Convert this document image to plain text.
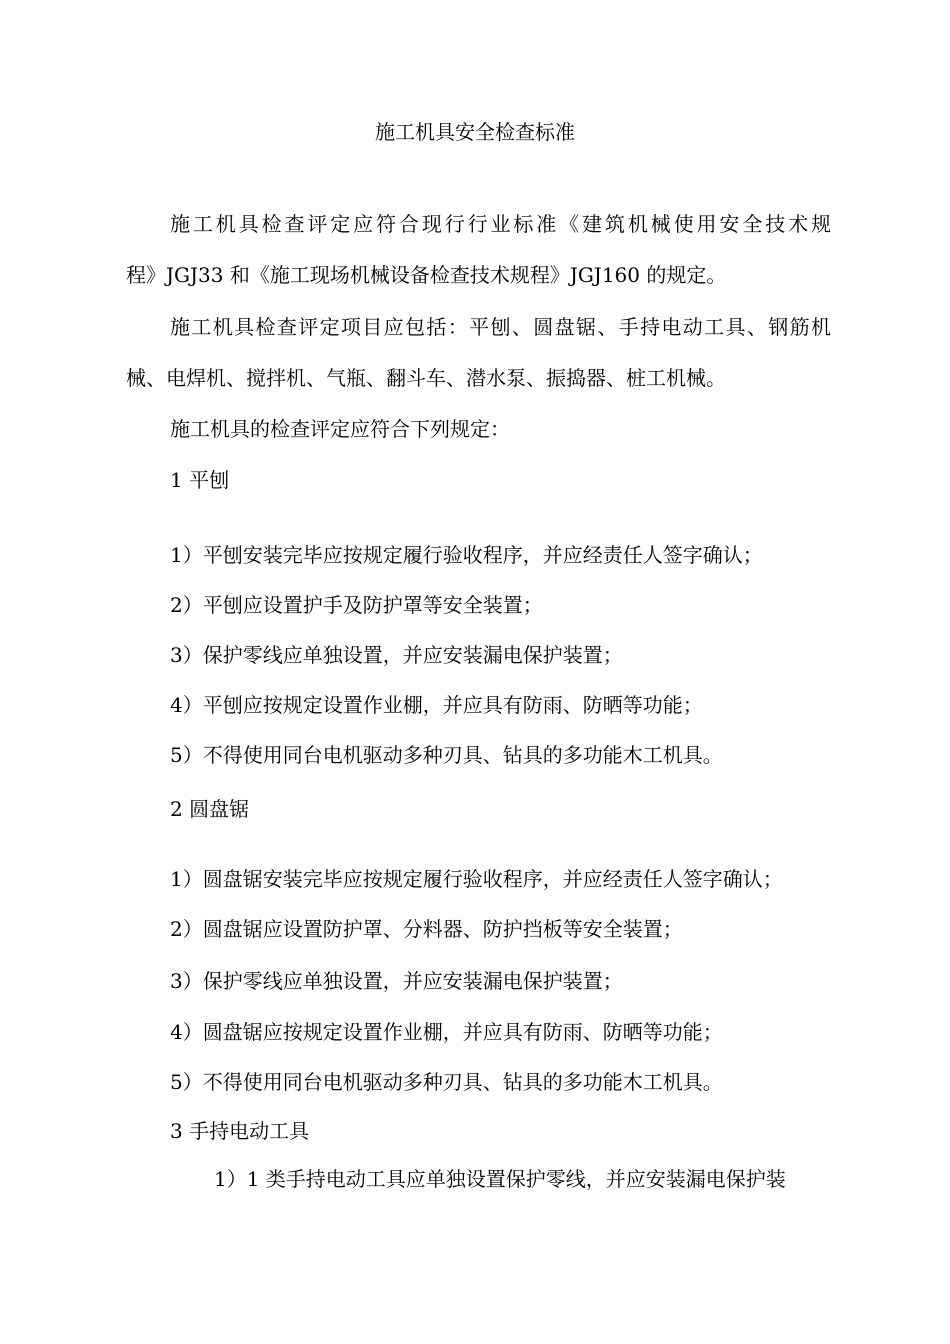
施工机具安全检查标准
施工机具检查评定应符合现行行业标准《建筑机械使用安全技术规
程》JGJ33 和《施工现场机械设备检查技术规程》JGJ160 的规定。
施工机具检查评定项目应包括：平刨、圆盘锯、手持电动工具、钢筋机
械、电焊机、搅拌机、气瓶、翻斗车、潜水泵、振捣器、桩工机械。
施工机具的检查评定应符合下列规定：
1 平刨
1）平刨安装完毕应按规定履行验收程序，并应经责任人签字确认；
2）平刨应设置护手及防护罩等安全装置；
3）保护零线应单独设置，并应安装漏电保护装置；
4）平刨应按规定设置作业棚，并应具有防雨、防晒等功能；
5）不得使用同台电机驱动多种刃具、钻具的多功能木工机具。
2 圆盘锯
1）圆盘锯安装完毕应按规定履行验收程序，并应经责任人签字确认；
2）圆盘锯应设置防护罩、分料器、防护挡板等安全装置；
3）保护零线应单独设置，并应安装漏电保护装置；
4）圆盘锯应按规定设置作业棚，并应具有防雨、防晒等功能；
5）不得使用同台电机驱动多种刃具、钻具的多功能木工机具。
3 手持电动工具
1）1 类手持电动工具应单独设置保护零线，并应安装漏电保护装
